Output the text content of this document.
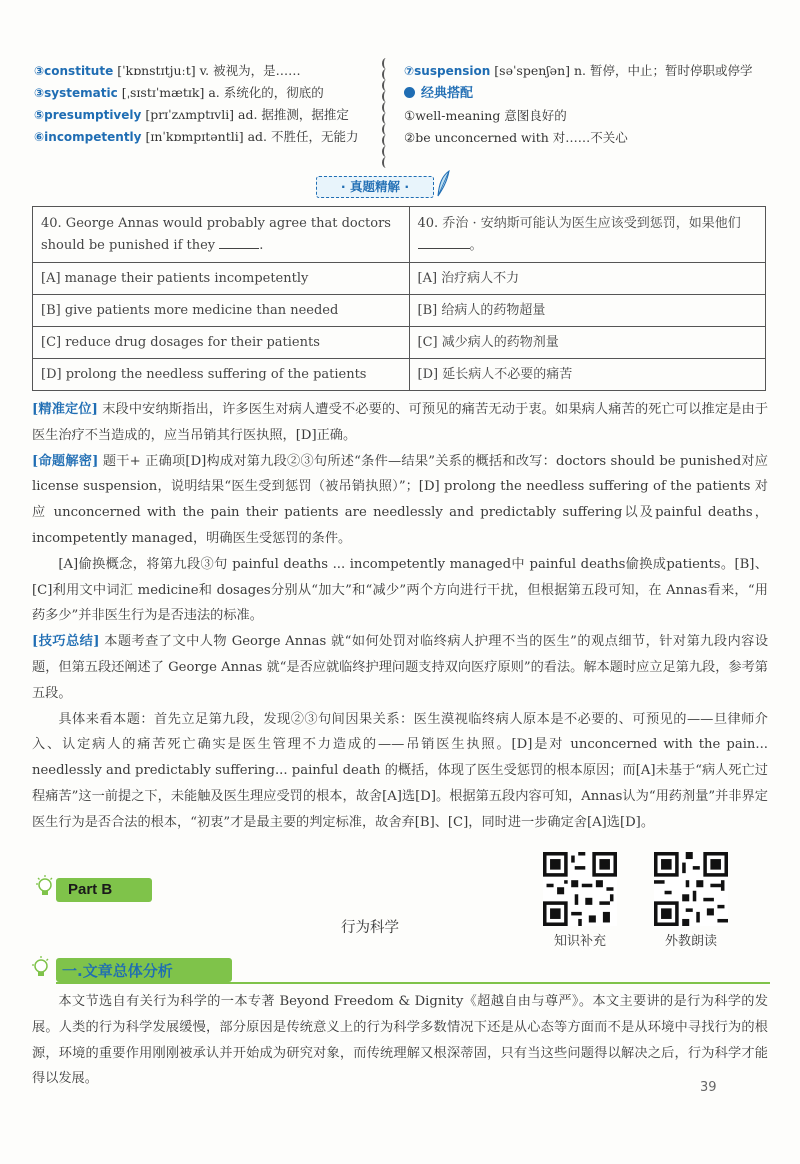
③constitute [ˈkɒnstɪtjuːt] v. 被视为，是……
③systematic [ˌsɪstɪˈmætɪk] a. 系统化的，彻底的
⑤presumptively [prɪˈzʌmptɪvli] ad. 据推测，据推定
⑥incompetently [ɪnˈkɒmpɪtəntli] ad. 不胜任，无能力
⑦suspension [səˈspenʃən] n. 暂停，中止；暂时停职或停学
经典搭配
①well-meaning 意图良好的
②be unconcerned with 对……不关心
· 真题精解 ·
40. George Annas would probably agree that doctors should be punished if they .	40. 乔治 · 安纳斯可能认为医生应该受到惩罚，如果他们。
[A] manage their patients incompetently	[A] 治疗病人不力
[B] give patients more medicine than needed	[B] 给病人的药物超量
[C] reduce drug dosages for their patients	[C] 减少病人的药物剂量
[D] prolong the needless suffering of the patients	[D] 延长病人不必要的痛苦

[精准定位] 末段中安纳斯指出，许多医生对病人遭受不必要的、可预见的痛苦无动于衷。如果病人痛苦的死亡可以推定是由于医生治疗不当造成的，应当吊销其行医执照，[D]正确。

[命题解密] 题干+ 正确项[D]构成对第九段②③句所述“条件—结果”关系的概括和改写：doctors should be punished对应license suspension，说明结果“医生受到惩罚（被吊销执照）”；[D] prolong the needless suffering of the patients 对应 unconcerned with the pain their patients are needlessly and predictably suffering以及painful deaths，incompetently managed，明确医生受惩罚的条件。

[A]偷换概念，将第九段③句 painful deaths ... incompetently managed中 painful deaths偷换成patients。[B]、[C]利用文中词汇 medicine和 dosages分别从“加大”和“减少”两个方向进行干扰，但根据第五段可知，在 Annas看来，“用药多少”并非医生行为是否违法的标准。

[技巧总结] 本题考查了文中人物 George Annas 就“如何处罚对临终病人护理不当的医生”的观点细节，针对第九段内容设题，但第五段还阐述了 George Annas 就“是否应就临终护理问题支持双向医疗原则”的看法。解本题时应立足第九段，参考第五段。

具体来看本题：首先立足第九段，发现②③句间因果关系：医生漠视临终病人原本是不必要的、可预见的——旦律师介入、认定病人的痛苦死亡确实是医生管理不力造成的——吊销医生执照。[D]是对 unconcerned with the pain... needlessly and predictably suffering... painful death 的概括，体现了医生受惩罚的根本原因；而[A]未基于“病人死亡过程痛苦”这一前提之下，未能触及医生理应受罚的根本，故舍[A]选[D]。根据第五段内容可知，Annas认为“用药剂量”并非界定医生行为是否合法的根本，“初衷”才是最主要的判定标准，故舍弃[B]、[C]，同时进一步确定舍[A]选[D]。

Part B
行为科学
知识补充	外教朗读
一.文章总体分析
本文节选自有关行为科学的一本专著 Beyond Freedom & Dignity《超越自由与尊严》。本文主要讲的是行为科学的发展。人类的行为科学发展缓慢，部分原因是传统意义上的行为科学多数情况下还是从心态等方面而不是从环境中寻找行为的根源，环境的重要作用刚刚被承认并开始成为研究对象，而传统理解又根深蒂固，只有当这些问题得以解决之后，行为科学才能得以发展。
39
